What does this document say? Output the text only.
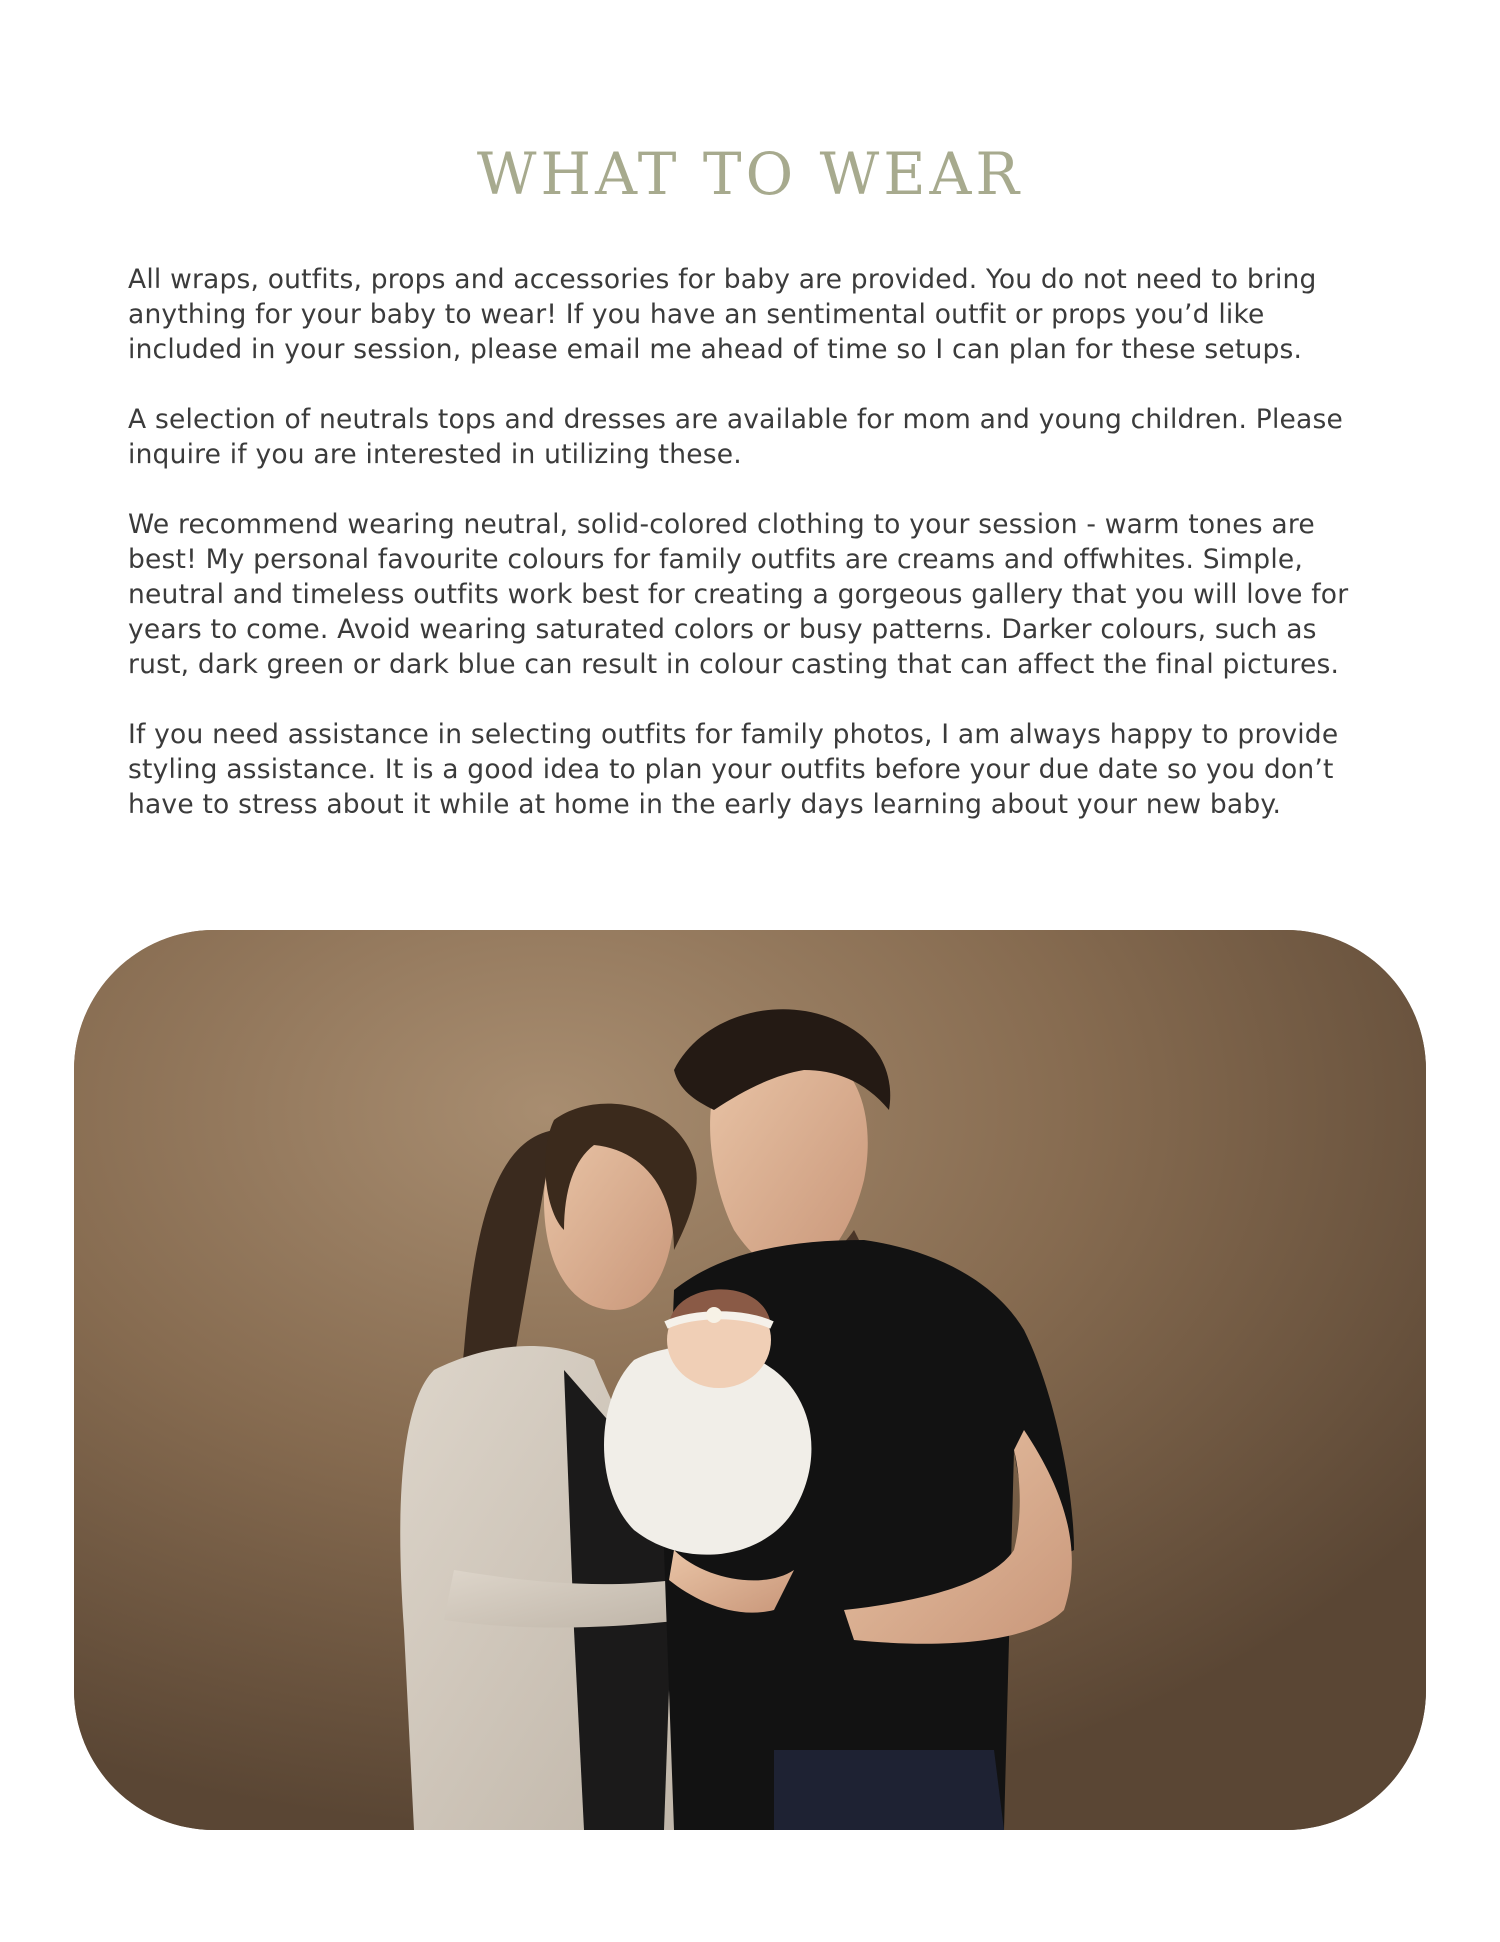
WHAT TO WEAR

All wraps, outfits, props and accessories for baby are provided. You do not need to bring anything for your baby to wear! If you have an sentimental outfit or props you’d like included in your session, please email me ahead of time so I can plan for these setups.

A selection of neutrals tops and dresses are available for mom and young children. Please inquire if you are interested in utilizing these.

We recommend wearing neutral, solid-colored clothing to your session - warm tones are best! My personal favourite colours for family outfits are creams and offwhites. Simple, neutral and timeless outfits work best for creating a gorgeous gallery that you will love for years to come. Avoid wearing saturated colors or busy patterns. Darker colours, such as rust, dark green or dark blue can result in colour casting that can affect the final pictures.

If you need assistance in selecting outfits for family photos, I am always happy to provide styling assistance. It is a good idea to plan your outfits before your due date so you don’t have to stress about it while at home in the early days learning about your new baby.
